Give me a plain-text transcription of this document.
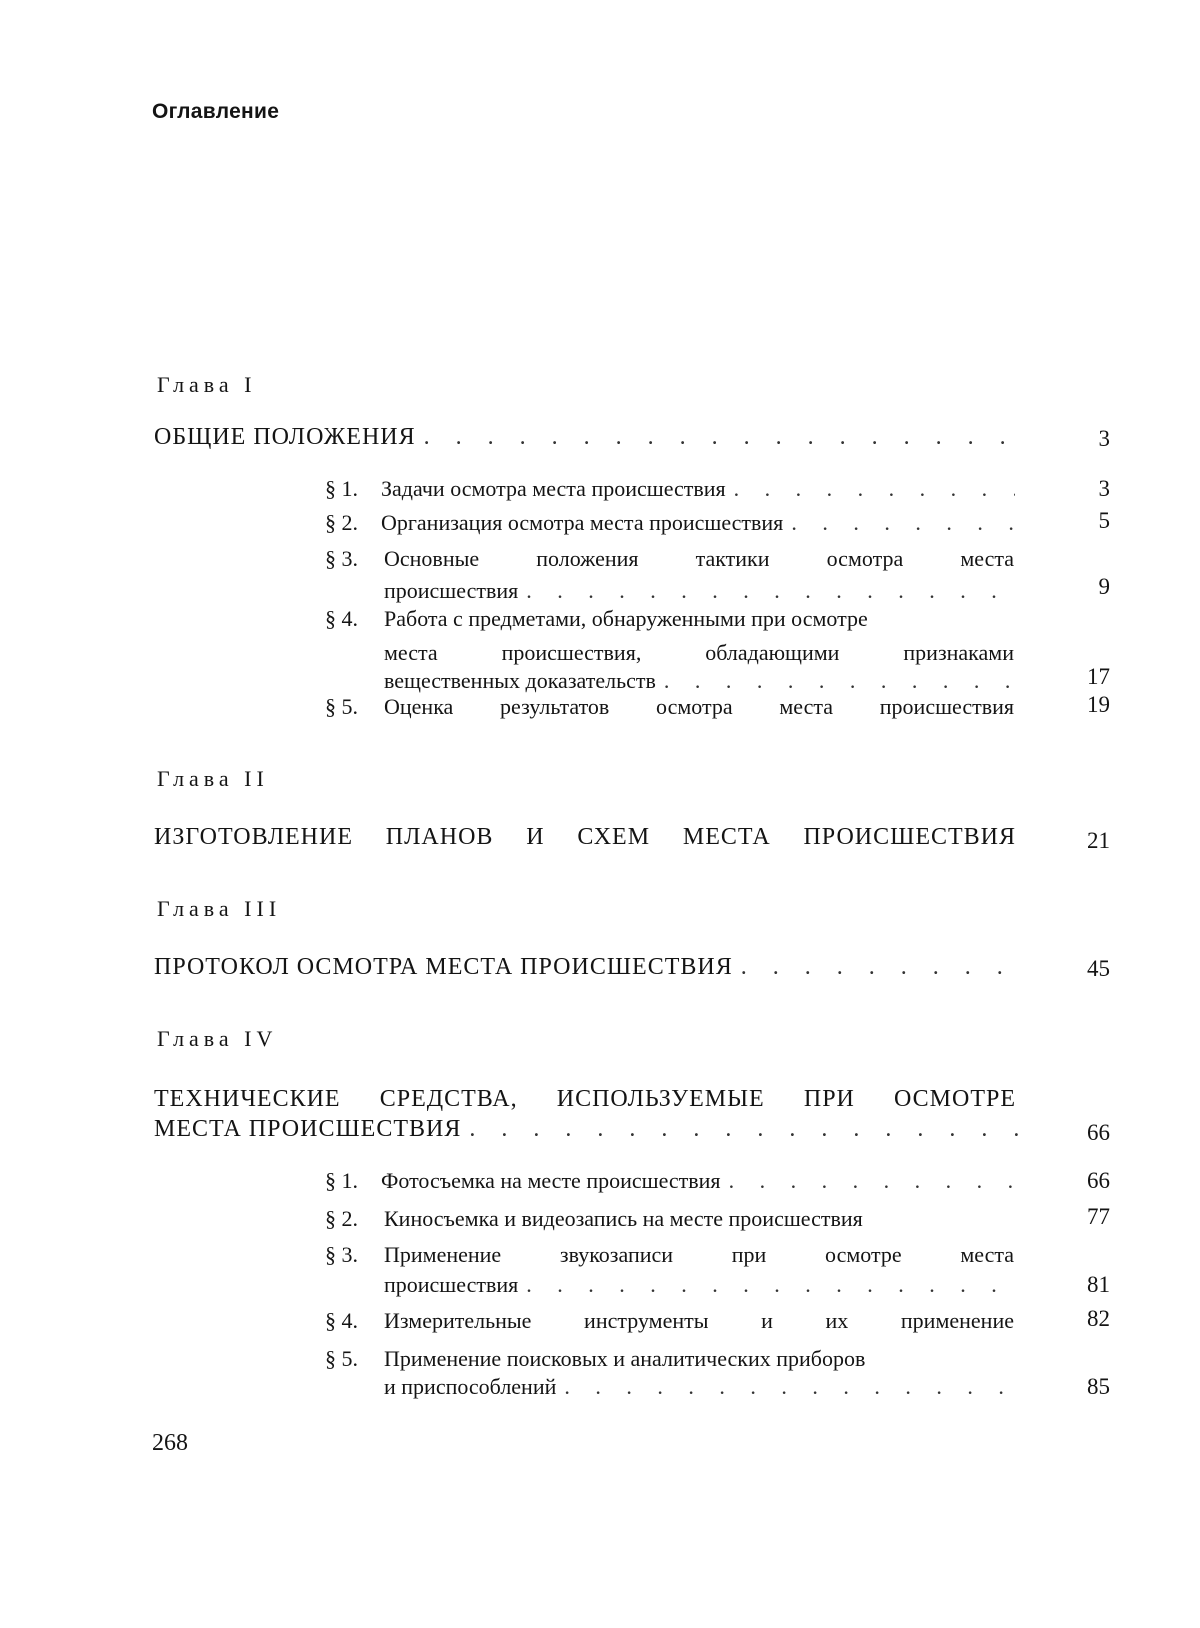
Оглавление
Глава I
ОБЩИЕ ПОЛОЖЕНИЯ . . .	3
§ 1.	Задачи осмотра места происшествия . . .	3
§ 2.	Организация осмотра места происшествия . . .	5
§ 3. Основные положения тактики осмотра места
происшествия . . .	9
§ 4. Работа с предметами, обнаруженными при осмотре
места происшествия, обладающими признаками
вещественных доказательств . . .	17
§ 5. Оценка результатов осмотра места происшествия	19
Глава II
ИЗГОТОВЛЕНИЕ ПЛАНОВ И СХЕМ МЕСТА ПРОИСШЕСТВИЯ	21
Глава III
ПРОТОКОЛ ОСМОТРА МЕСТА ПРОИСШЕСТВИЯ . . .	45
Глава IV
ТЕХНИЧЕСКИЕ СРЕДСТВА, ИСПОЛЬЗУЕМЫЕ ПРИ ОСМОТРЕ
МЕСТА ПРОИСШЕСТВИЯ . . .	66
§ 1.	Фотосъемка на месте происшествия . . .	66
§ 2. Киносъемка и видеозапись на месте происшествия	77
§ 3. Применение звукозаписи при осмотре места
происшествия . . .	81
§ 4. Измерительные инструменты и их применение	82
§ 5. Применение поисковых и аналитических приборов
и приспособлений . . .	85
268
